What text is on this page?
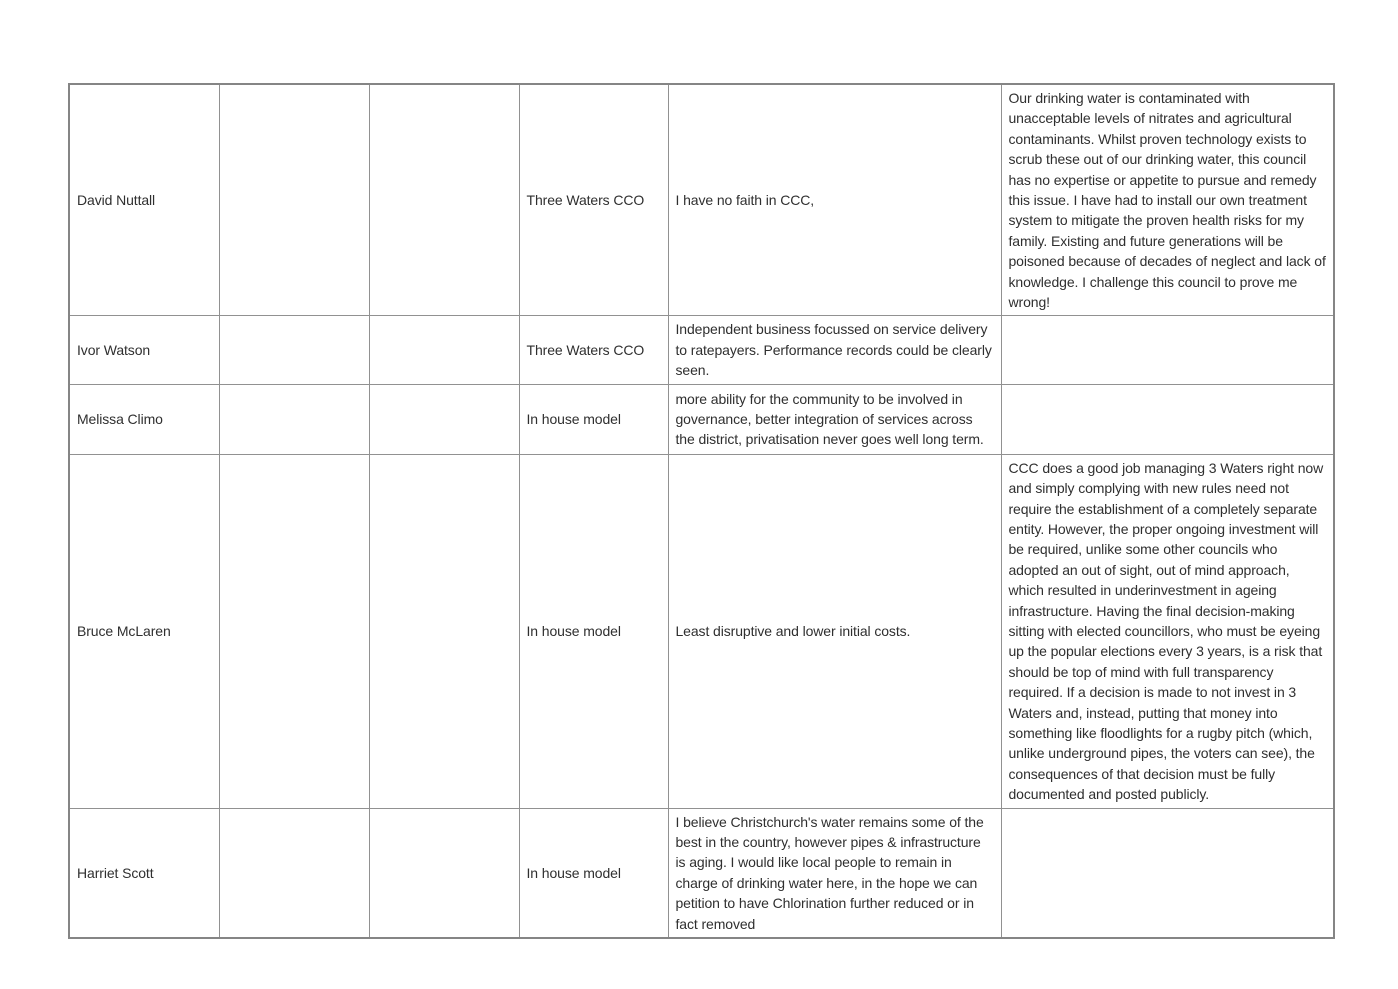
David Nuttall			Three Waters CCO	I have no faith in CCC,	Our drinking water is contaminated with unacceptable levels of nitrates and agricultural contaminants. Whilst proven technology exists to scrub these out of our drinking water, this council has no expertise or appetite to pursue and remedy this issue. I have had to install our own treatment system to mitigate the proven health risks for my family. Existing and future generations will be poisoned because of decades of neglect and lack of knowledge. I challenge this council to prove me wrong!
Ivor Watson			Three Waters CCO	Independent business focussed on service delivery to ratepayers. Performance records could be clearly seen.	
Melissa Climo			In house model	more ability for the community to be involved in governance, better integration of services across the district, privatisation never goes well long term.	
Bruce McLaren			In house model	Least disruptive and lower initial costs.	CCC does a good job managing 3 Waters right now and simply complying with new rules need not require the establishment of a completely separate entity. However, the proper ongoing investment will be required, unlike some other councils who adopted an out of sight, out of mind approach, which resulted in underinvestment in ageing infrastructure. Having the final decision-making sitting with elected councillors, who must be eyeing up the popular elections every 3 years, is a risk that should be top of mind with full transparency required. If a decision is made to not invest in 3 Waters and, instead, putting that money into something like floodlights for a rugby pitch (which, unlike underground pipes, the voters can see), the consequences of that decision must be fully documented and posted publicly.
Harriet Scott			In house model	I believe Christchurch's water remains some of the best in the country, however pipes & infrastructure is aging. I would like local people to remain in charge of drinking water here, in the hope we can petition to have Chlorination further reduced or in fact removed	
